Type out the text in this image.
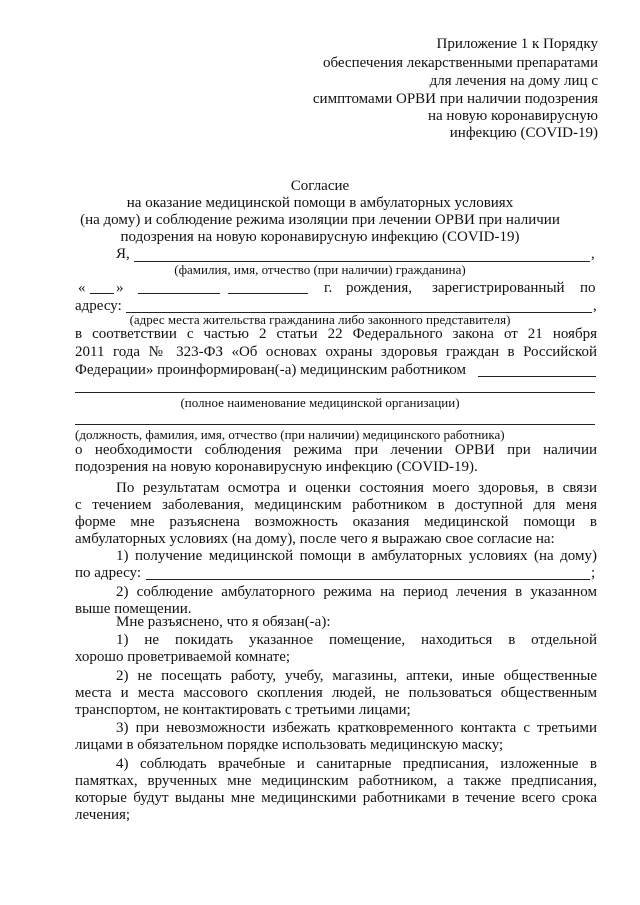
Приложение 1 к Порядку
обеспечения лекарственными препаратами
для лечения на дому лиц с
симптомами ОРВИ при наличии подозрения
на новую коронавирусную
инфекцию (COVID-19)
Согласие
на оказание медицинской помощи в амбулаторных условиях
(на дому) и соблюдение режима изоляции при лечении ОРВИ при наличии
подозрения на новую коронавирусную инфекцию (COVID-19)
Я,	,
(фамилия, имя, отчество (при наличии) гражданина)
« »	г. рождения, зарегистрированный по
адресу:	,
(адрес места жительства гражданина либо законного представителя)
в соответствии с частью 2 статьи 22 Федерального закона от 21 ноября
2011 года № 323-ФЗ «Об основах охраны здоровья граждан в Российской
Федерации» проинформирован(-а) медицинским работником
(полное наименование медицинской организации)
(должность, фамилия, имя, отчество (при наличии) медицинского работника)
о необходимости соблюдения режима при лечении ОРВИ при наличии
подозрения на новую коронавирусную инфекцию (COVID-19).
По результатам осмотра и оценки состояния моего здоровья, в связи
с течением заболевания, медицинским работником в доступной для меня
форме мне разъяснена возможность оказания медицинской помощи в
амбулаторных условиях (на дому), после чего я выражаю свое согласие на:
1) получение медицинской помощи в амбулаторных условиях (на дому)
по адресу:	;
2) соблюдение амбулаторного режима на период лечения в указанном
выше помещении.
Мне разъяснено, что я обязан(-а):
1) не покидать указанное помещение, находиться в отдельной
хорошо проветриваемой комнате;
2) не посещать работу, учебу, магазины, аптеки, иные общественные
места и места массового скопления людей, не пользоваться общественным
транспортом, не контактировать с третьими лицами;
3) при невозможности избежать кратковременного контакта с третьими
лицами в обязательном порядке использовать медицинскую маску;
4) соблюдать врачебные и санитарные предписания, изложенные в
памятках, врученных мне медицинским работником, а также предписания,
которые будут выданы мне медицинскими работниками в течение всего срока
лечения;
